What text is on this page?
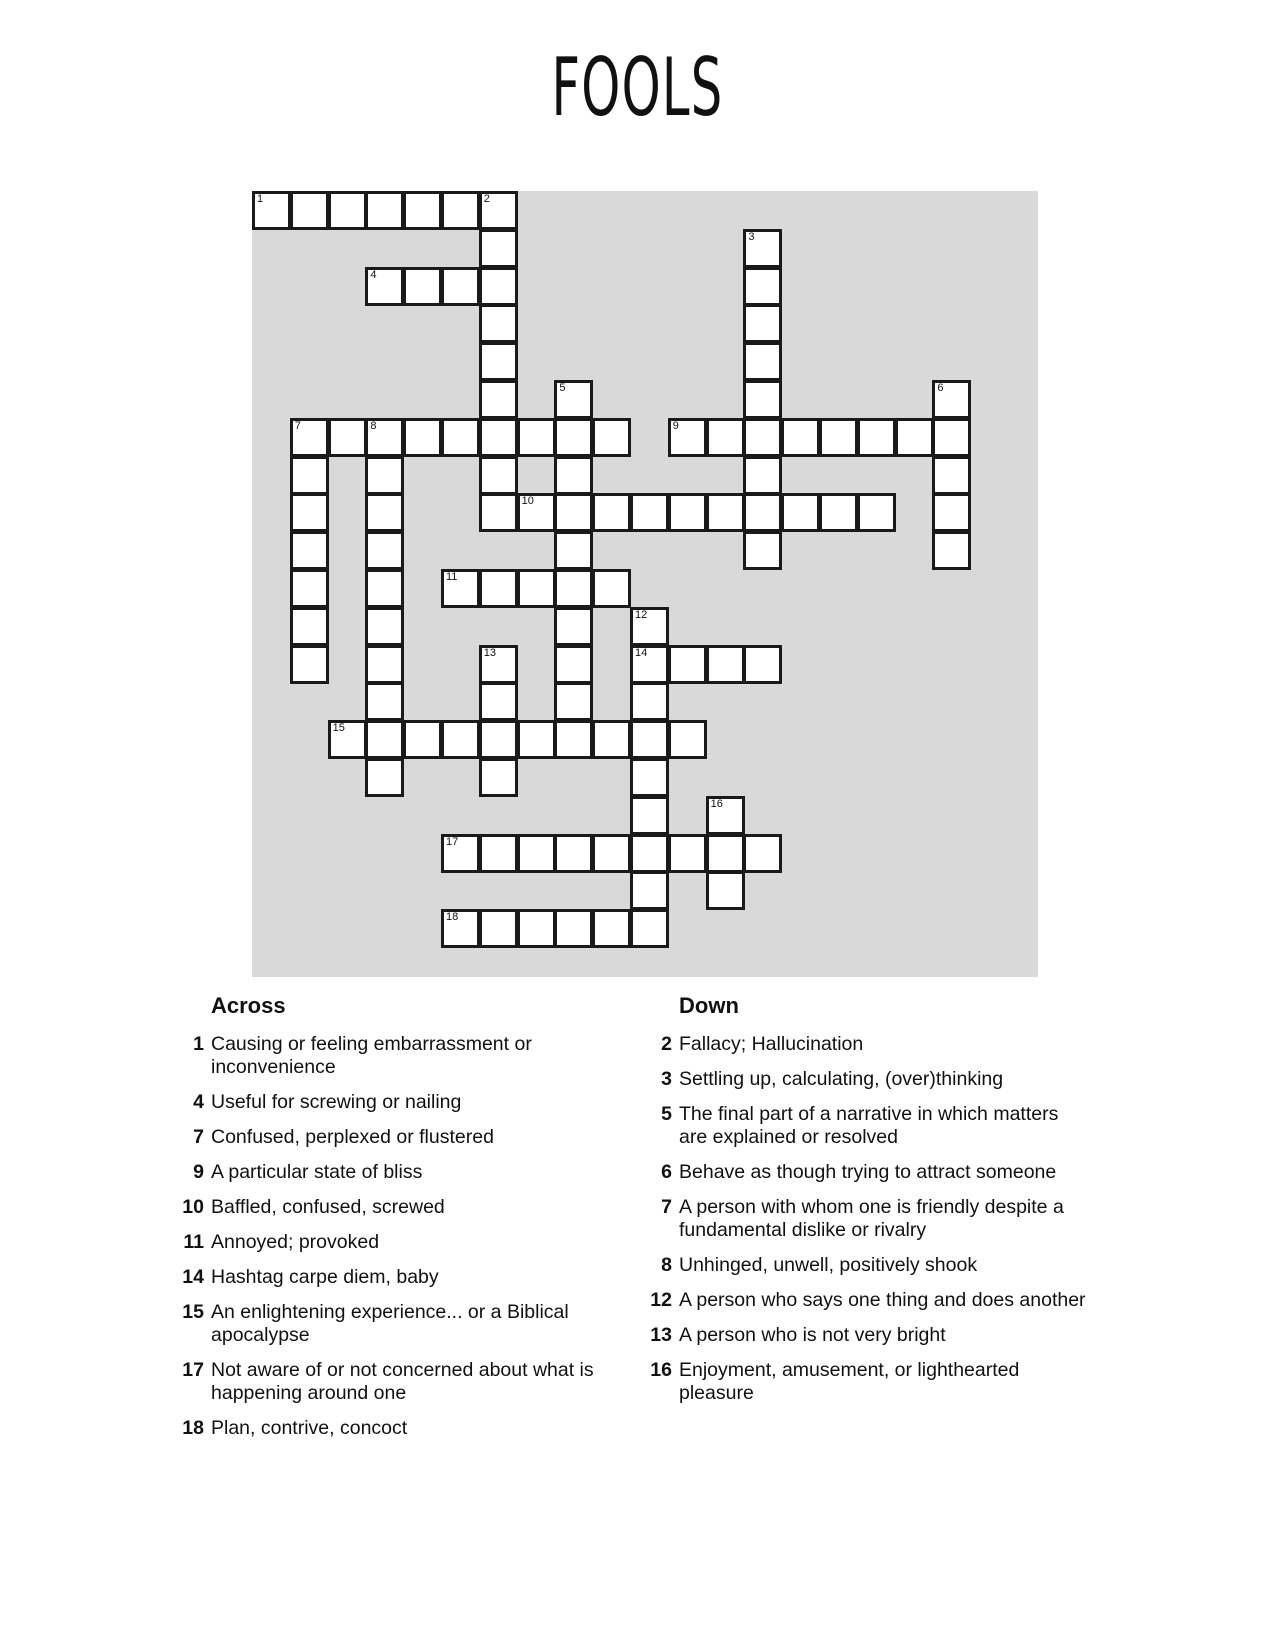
FOOLS
1	2
3
4
5	6
7	8	9
10
11
12
14
13
15
16
17
18
Across
1 Causing or feeling embarrassment or inconvenience
4 Useful for screwing or nailing
7 Confused, perplexed or flustered
9 A particular state of bliss
10 Baffled, confused, screwed
11 Annoyed; provoked
14 Hashtag carpe diem, baby
15 An enlightening experience... or a Biblical apocalypse
17 Not aware of or not concerned about what is happening around one
18 Plan, contrive, concoct
Down
2 Fallacy; Hallucination
3 Settling up, calculating, (over)thinking
5 The final part of a narrative in which matters are explained or resolved
6 Behave as though trying to attract someone
7 A person with whom one is friendly despite a fundamental dislike or rivalry
8 Unhinged, unwell, positively shook
12 A person who says one thing and does another
13 A person who is not very bright
16 Enjoyment, amusement, or lighthearted pleasure
